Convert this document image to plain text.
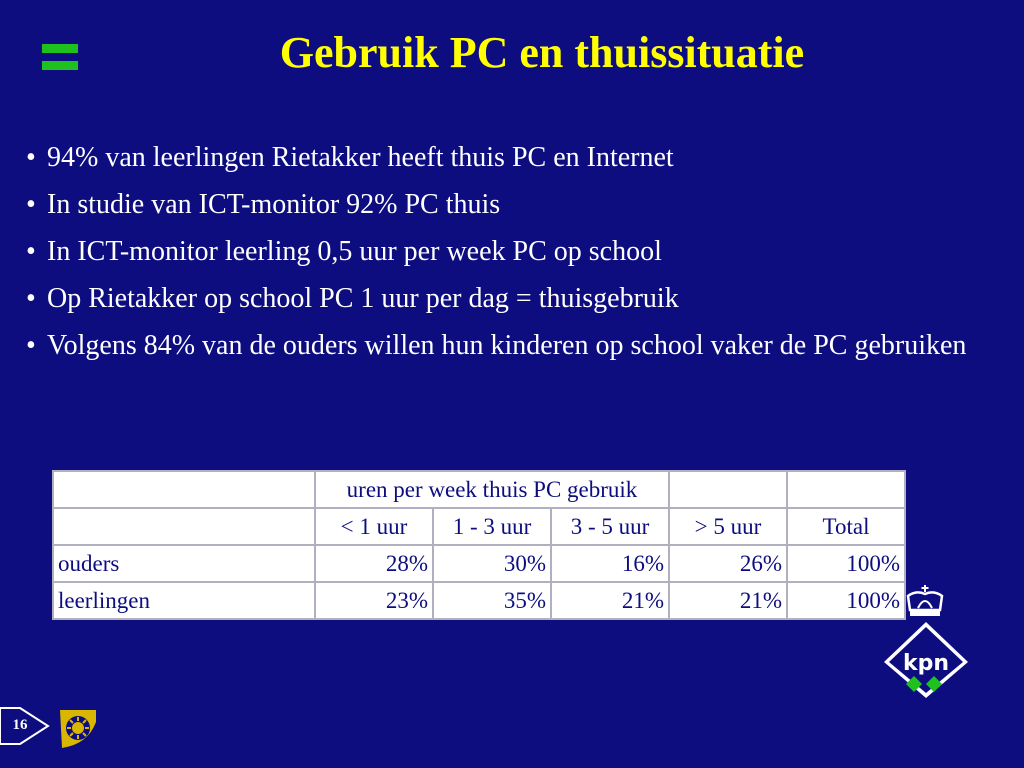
Gebruik PC en thuissituatie
• 94% van leerlingen Rietakker heeft thuis PC en Internet
• In studie van ICT-monitor 92% PC thuis
• In ICT-monitor leerling 0,5 uur per week PC op school
• Op Rietakker op school PC 1 uur per dag = thuisgebruik
• Volgens 84% van de ouders willen hun kinderen op school vaker de PC gebruiken
	uren per week thuis PC gebruik				
	< 1 uur	1 - 3 uur	3 - 5 uur	> 5 uur	Total
ouders	28%	30%	16%	26%	100%
leerlingen	23%	35%	21%	21%	100%
kpn
16
